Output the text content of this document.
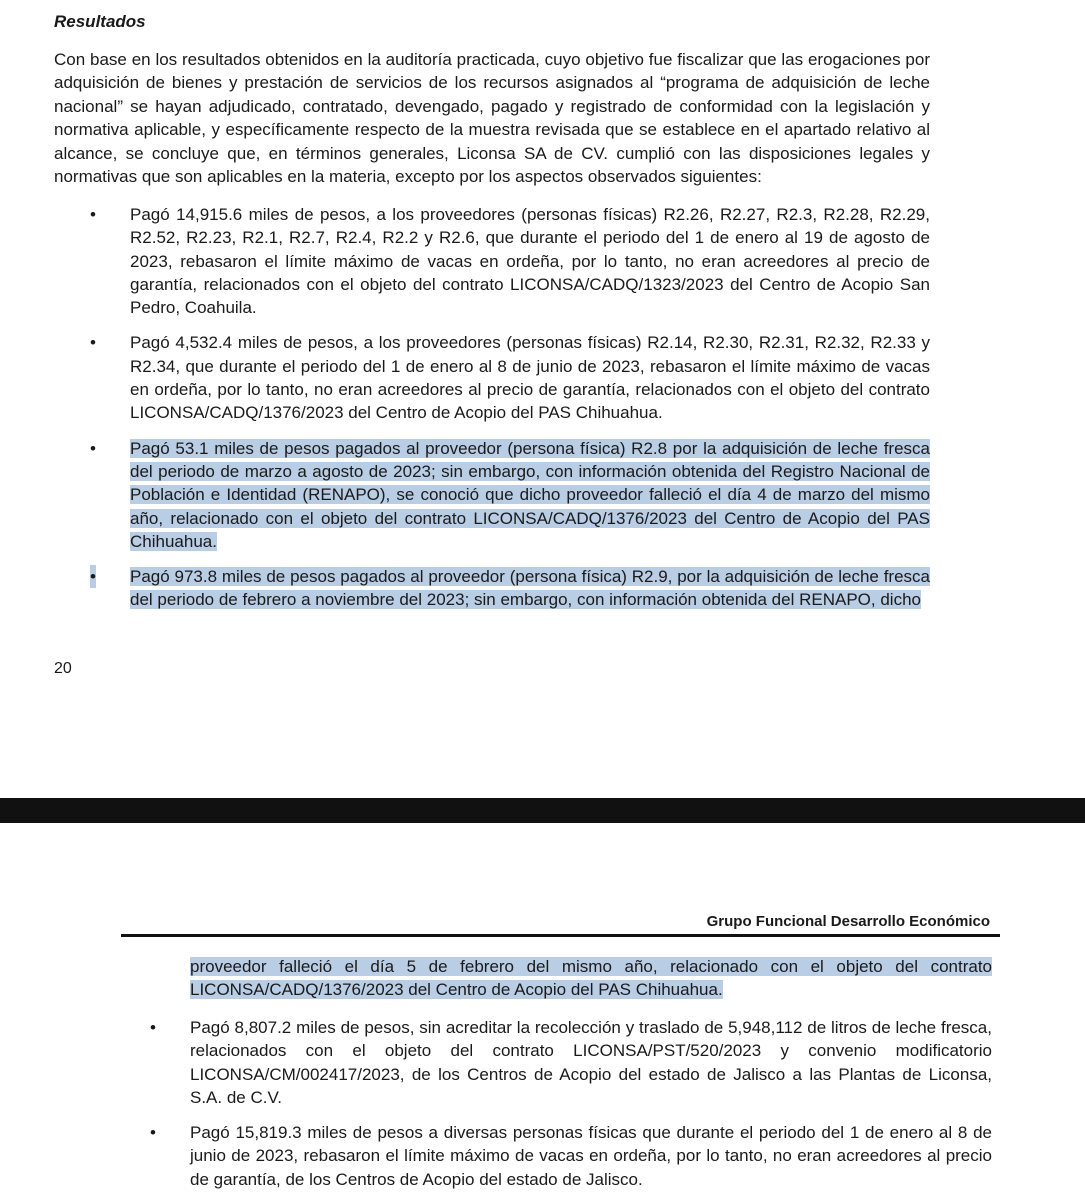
Resultados
Con base en los resultados obtenidos en la auditoría practicada, cuyo objetivo fue fiscalizar que las erogaciones por adquisición de bienes y prestación de servicios de los recursos asignados al “programa de adquisición de leche nacional” se hayan adjudicado, contratado, devengado, pagado y registrado de conformidad con la legislación y normativa aplicable, y específicamente respecto de la muestra revisada que se establece en el apartado relativo al alcance, se concluye que, en términos generales, Liconsa SA de CV. cumplió con las disposiciones legales y normativas que son aplicables en la materia, excepto por los aspectos observados siguientes:
• Pagó 14,915.6 miles de pesos, a los proveedores (personas físicas) R2.26, R2.27, R2.3, R2.28, R2.29, R2.52, R2.23, R2.1, R2.7, R2.4, R2.2 y R2.6, que durante el periodo del 1 de enero al 19 de agosto de 2023, rebasaron el límite máximo de vacas en ordeña, por lo tanto, no eran acreedores al precio de garantía, relacionados con el objeto del contrato LICONSA/CADQ/1323/2023 del Centro de Acopio San Pedro, Coahuila.
• Pagó 4,532.4 miles de pesos, a los proveedores (personas físicas) R2.14, R2.30, R2.31, R2.32, R2.33 y R2.34, que durante el periodo del 1 de enero al 8 de junio de 2023, rebasaron el límite máximo de vacas en ordeña, por lo tanto, no eran acreedores al precio de garantía, relacionados con el objeto del contrato LICONSA/CADQ/1376/2023 del Centro de Acopio del PAS Chihuahua.
• Pagó 53.1 miles de pesos pagados al proveedor (persona física) R2.8 por la adquisición de leche fresca del periodo de marzo a agosto de 2023; sin embargo, con información obtenida del Registro Nacional de Población e Identidad (RENAPO), se conoció que dicho proveedor falleció el día 4 de marzo del mismo año, relacionado con el objeto del contrato LICONSA/CADQ/1376/2023 del Centro de Acopio del PAS Chihuahua.
• Pagó 973.8 miles de pesos pagados al proveedor (persona física) R2.9, por la adquisición de leche fresca del periodo de febrero a noviembre del 2023; sin embargo, con información obtenida del RENAPO, dicho
20
Grupo Funcional Desarrollo Económico
proveedor falleció el día 5 de febrero del mismo año, relacionado con el objeto del contrato LICONSA/CADQ/1376/2023 del Centro de Acopio del PAS Chihuahua.
• Pagó 8,807.2 miles de pesos, sin acreditar la recolección y traslado de 5,948,112 de litros de leche fresca, relacionados con el objeto del contrato LICONSA/PST/520/2023 y convenio modificatorio LICONSA/CM/002417/2023, de los Centros de Acopio del estado de Jalisco a las Plantas de Liconsa, S.A. de C.V.
• Pagó 15,819.3 miles de pesos a diversas personas físicas que durante el periodo del 1 de enero al 8 de junio de 2023, rebasaron el límite máximo de vacas en ordeña, por lo tanto, no eran acreedores al precio de garantía, de los Centros de Acopio del estado de Jalisco.
